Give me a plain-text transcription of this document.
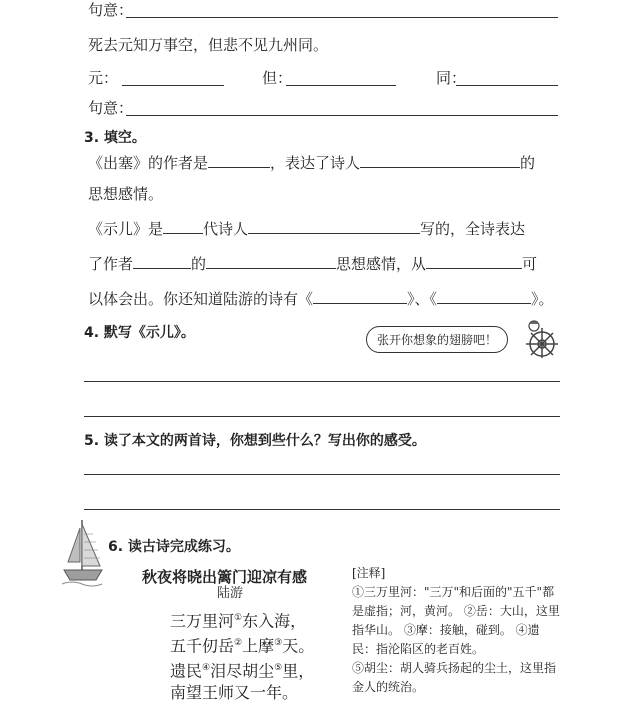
句意：
死去元知万事空，但悲不见九州同。
元：	但：	同：
句意：
3. 填空。
《出塞》的作者是	，表达了诗人	的
思想感情。
《示儿》是	代诗人	写的，全诗表达
了作者	的	思想感情，从	可
以体会出。你还知道陆游的诗有《	》、《	》。
4. 默写《示儿》。	张开你想象的翅膀吧！
5. 读了本文的两首诗，你想到些什么？写出你的感受。
6. 读古诗完成练习。
秋夜将晓出篱门迎凉有感
陆游
三万里河①东入海，
五千仞岳②上摩③天。
遗民④泪尽胡尘⑤里，
南望王师又一年。
[注释]
①三万里河："三万"和后面的"五千"都
是虚指；河，黄河。 ②岳：大山，这里
指华山。 ③摩：接触，碰到。 ④遗
民：指沦陷区的老百姓。
⑤胡尘：胡人骑兵扬起的尘土，这里指
金人的统治。
